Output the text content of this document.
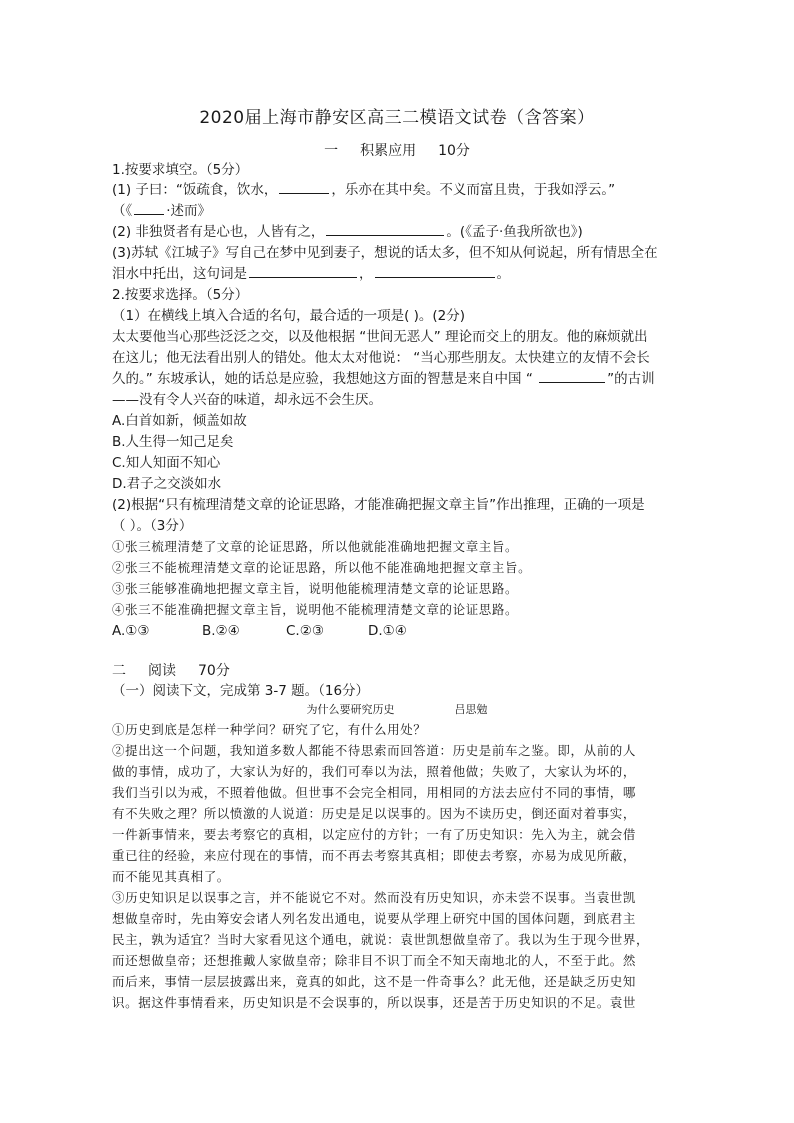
2020届上海市静安区高三二模语文试卷（含答案）
一 积累应用 10分
1.按要求填空。（5分）
(1) 子曰：“饭疏食，饮水，	，乐亦在其中矣。不义而富且贵，于我如浮云。”
（《	·述而》
(2) 非独贤者有是心也，人皆有之，	。(《孟子·鱼我所欲也》)
(3)苏轼《江城子》写自己在梦中见到妻子，想说的话太多，但不知从何说起，所有情思全在
泪水中托出，这句词是	，	。
2.按要求选择。（5分）
（1）在横线上填入合适的名句，最合适的一项是( )。(2分)
太太要他当心那些泛泛之交，以及他根据 “世间无恶人” 理论而交上的朋友。他的麻烦就出
在这儿；他无法看出别人的错处。他太太对他说： “当心那些朋友。太快建立的友情不会长
久的。” 东坡承认，她的话总是应验，我想她这方面的智慧是来自中国 “	”的古训
——没有令人兴奋的味道，却永远不会生厌。
A.白首如新，倾盖如故
B.人生得一知己足矣
C.知人知面不知心
D.君子之交淡如水
(2)根据“只有梳理清楚文章的论证思路，才能准确把握文章主旨”作出推理，正确的一项是
（ ）。（3分）
①张三梳理清楚了文章的论证思路，所以他就能准确地把握文章主旨。
②张三不能梳理清楚文章的论证思路，所以他不能准确地把握文章主旨。
③张三能够准确地把握文章主旨，说明他能梳理清楚文章的论证思路。
④张三不能准确把握文章主旨，说明他不能梳理清楚文章的论证思路。
A.①③	B.②④	C.②③	D.①④
二 阅读 70分
（一）阅读下文，完成第 3-7 题。（16分）
为什么要研究历史	吕思勉
①历史到底是怎样一种学问？研究了它，有什么用处？
②提出这一个问题，我知道多数人都能不待思索而回答道：历史是前车之鉴。即，从前的人
做的事情，成功了，大家认为好的，我们可奉以为法，照着他做；失败了，大家认为坏的，
我们当引以为戒，不照着他做。但世事不会完全相同，用相同的方法去应付不同的事情，哪
有不失败之理？所以愤激的人说道：历史是足以误事的。因为不读历史，倒还面对着事实，
一件新事情来，要去考察它的真相，以定应付的方针；一有了历史知识：先入为主，就会借
重已往的经验，来应付现在的事情，而不再去考察其真相；即使去考察，亦易为成见所蔽，
而不能见其真相了。
③历史知识足以误事之言，并不能说它不对。然而没有历史知识，亦未尝不误事。当袁世凯
想做皇帝时，先由筹安会诸人列名发出通电，说要从学理上研究中国的国体问题，到底君主
民主，孰为适宜？当时大家看见这个通电，就说：袁世凯想做皇帝了。我以为生于现今世界，
而还想做皇帝；还想推戴人家做皇帝；除非目不识丁而全不知天南地北的人，不至于此。然
而后来，事情一层层披露出来，竟真的如此，这不是一件奇事么？此无他，还是缺乏历史知
识。据这件事情看来，历史知识是不会误事的，所以误事，还是苦于历史知识的不足。袁世
